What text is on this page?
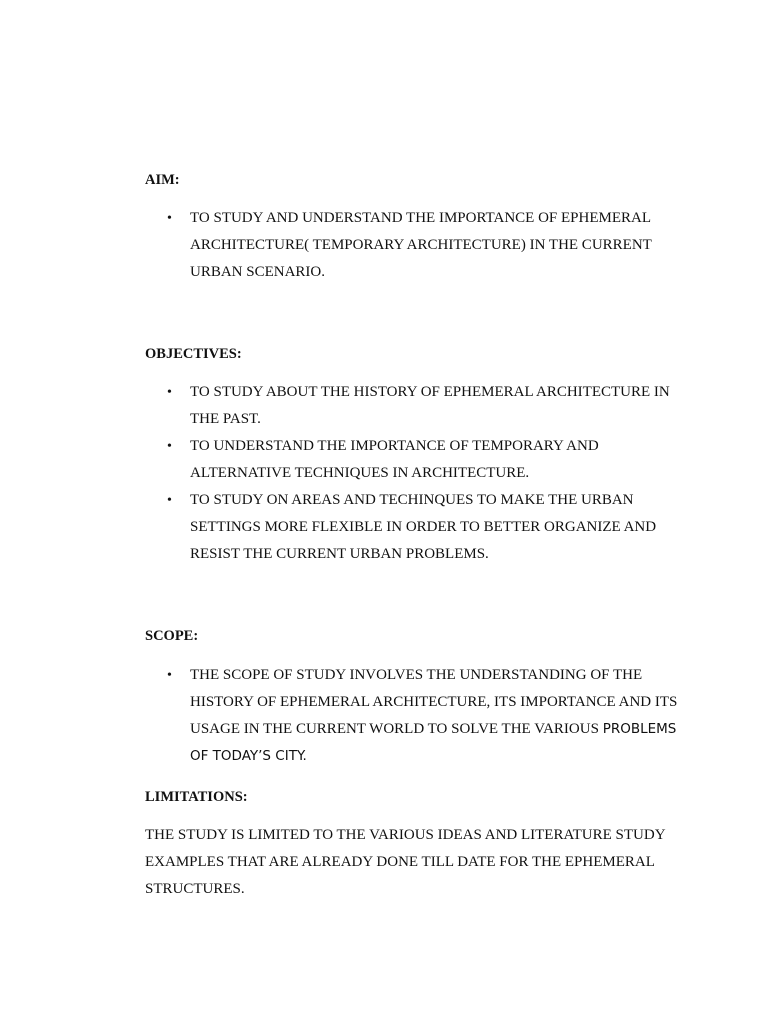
AIM:
• TO STUDY AND UNDERSTAND THE IMPORTANCE OF EPHEMERAL ARCHITECTURE( TEMPORARY ARCHITECTURE) IN THE CURRENT URBAN SCENARIO.
OBJECTIVES:
• TO STUDY ABOUT THE HISTORY OF EPHEMERAL ARCHITECTURE IN THE PAST.
• TO UNDERSTAND THE IMPORTANCE OF TEMPORARY AND ALTERNATIVE TECHNIQUES IN ARCHITECTURE.
• TO STUDY ON AREAS AND TECHINQUES TO MAKE THE URBAN SETTINGS MORE FLEXIBLE IN ORDER TO BETTER ORGANIZE AND RESIST THE CURRENT URBAN PROBLEMS.
SCOPE:
• THE SCOPE OF STUDY INVOLVES THE UNDERSTANDING OF THE HISTORY OF EPHEMERAL ARCHITECTURE, ITS IMPORTANCE AND ITS USAGE IN THE CURRENT WORLD TO SOLVE THE VARIOUS PROBLEMS OF TODAY’S CITY.
LIMITATIONS:

THE STUDY IS LIMITED TO THE VARIOUS IDEAS AND LITERATURE STUDY EXAMPLES THAT ARE ALREADY DONE TILL DATE FOR THE EPHEMERAL STRUCTURES.
